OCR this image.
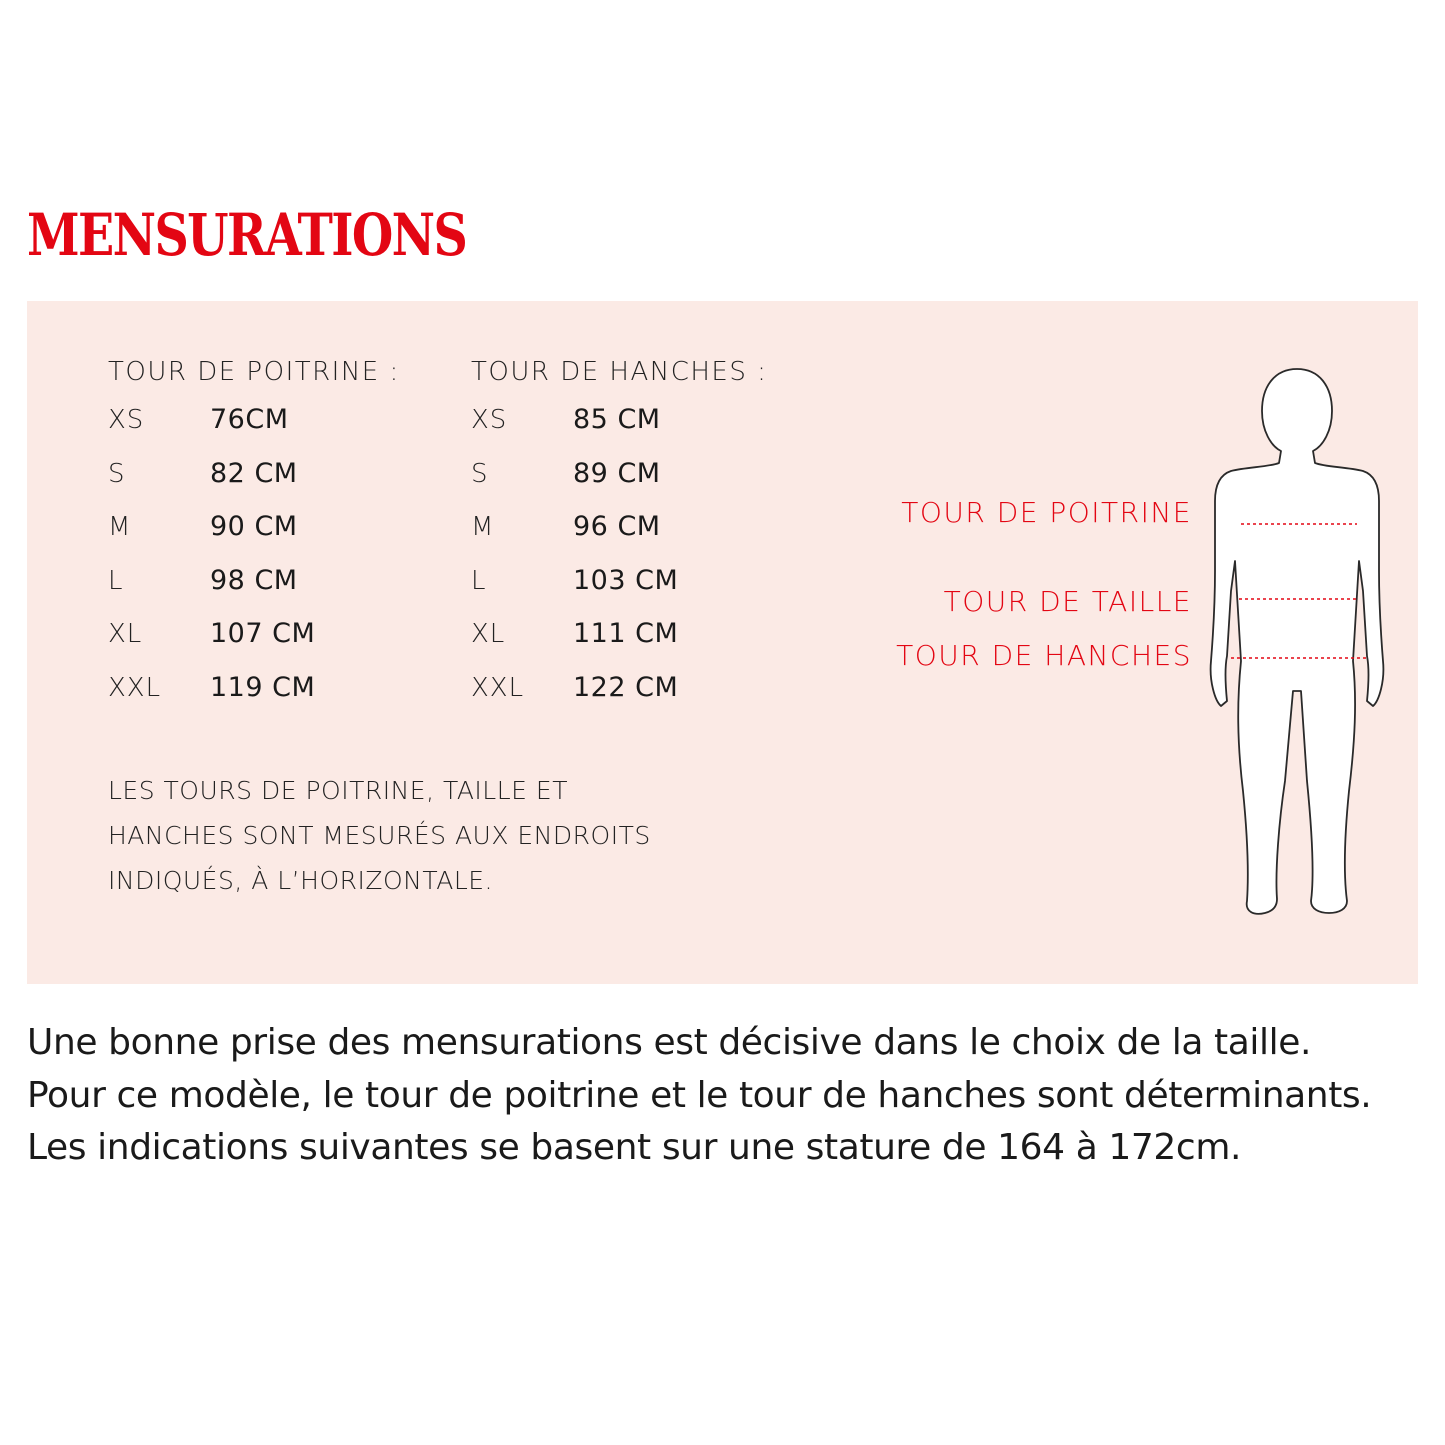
MENSURATIONS
TOUR DE POITRINE :
XS 76CM
S	82 CM
M	90 CM
L	98 CM
XL	107 CM
XXL 119 CM
TOUR DE HANCHES :
XS 85 CM
S	89 CM
M	96 CM
L	103 CM
XL	111 CM
XXL 122 CM

LES TOURS DE POITRINE, TAILLE ET
HANCHES SONT MESURÉS AUX ENDROITS
INDIQUÉS, À L’HORIZONTALE.

TOUR DE POITRINE
TOUR DE TAILLE
TOUR DE HANCHES

Une bonne prise des mensurations est décisive dans le choix de la taille.
Pour ce modèle, le tour de poitrine et le tour de hanches sont déterminants.
Les indications suivantes se basent sur une stature de 164 à 172cm.
